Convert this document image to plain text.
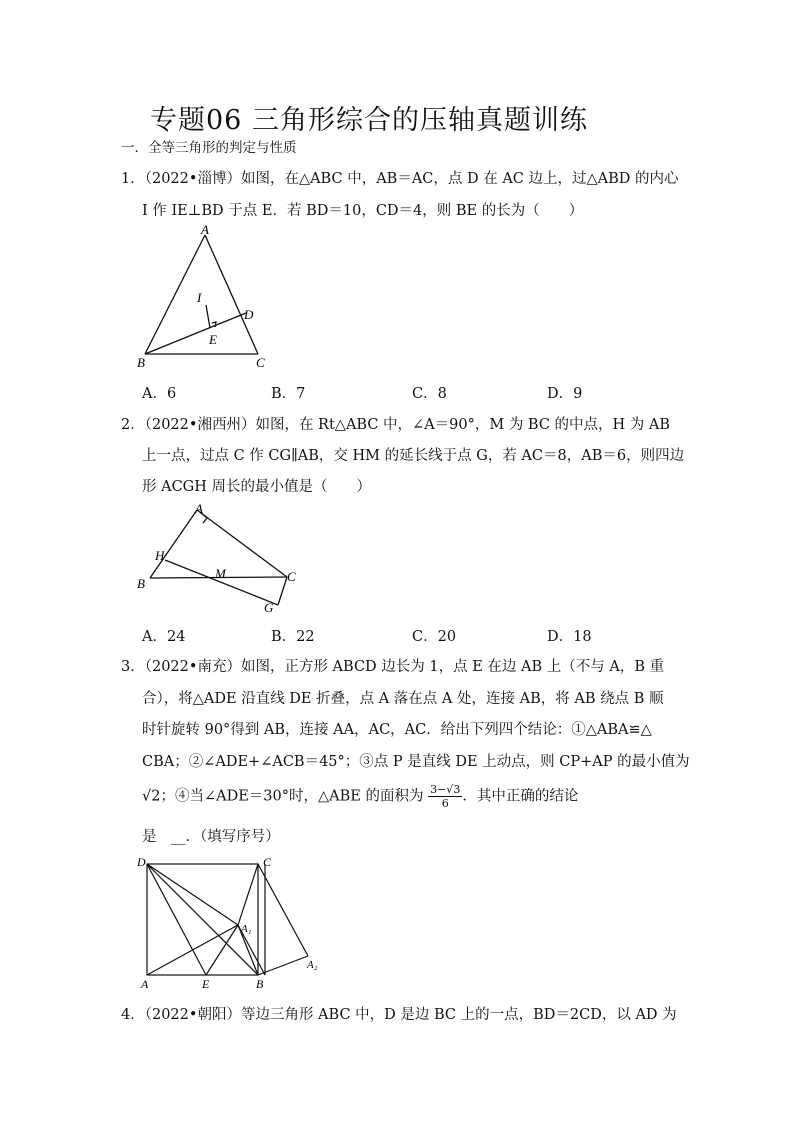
专题06 三角形综合的压轴真题训练
一．全等三角形的判定与性质
1．（2022•淄博）如图，在△ABC 中，AB＝AC，点 D 在 AC 边上，过△ABD 的内心
I 作 IE⊥BD 于点 E．若 BD＝10，CD＝4，则 BE 的长为（　　）
A
B	C
D
E
I
A．6	B．7	C．8	D．9
2．（2022•湘西州）如图，在 Rt△ABC 中，∠A＝90°，M 为 BC 的中点，H 为 AB
上一点，过点 C 作 CG∥AB，交 HM 的延长线于点 G，若 AC＝8，AB＝6，则四边
形 ACGH 周长的最小值是（　　）
A
H
B
M	C
G
A．24	B．22	C．20	D．18
3．（2022•南充）如图，正方形 ABCD 边长为 1，点 E 在边 AB 上（不与 A，B 重
合），将△ADE 沿直线 DE 折叠，点 A 落在点 A 处，连接 AB，将 AB 绕点 B 顺
时针旋转 90°得到 AB，连接 AA，AC，AC．给出下列四个结论：①△ABA≌△
CBA；②∠ADE+∠ACB＝45°；③点 P 是直线 DE 上动点，则 CP+AP 的最小值为
√2；④当∠ADE＝30°时，△ABE 的面积为 $\frac{3-√3}{6}$ ．其中正确的结论
是　__．（填写序号）
D	C
A₁
A₂
A	E	B
4．（2022•朝阳）等边三角形 ABC 中，D 是边 BC 上的一点，BD＝2CD，以 AD 为
